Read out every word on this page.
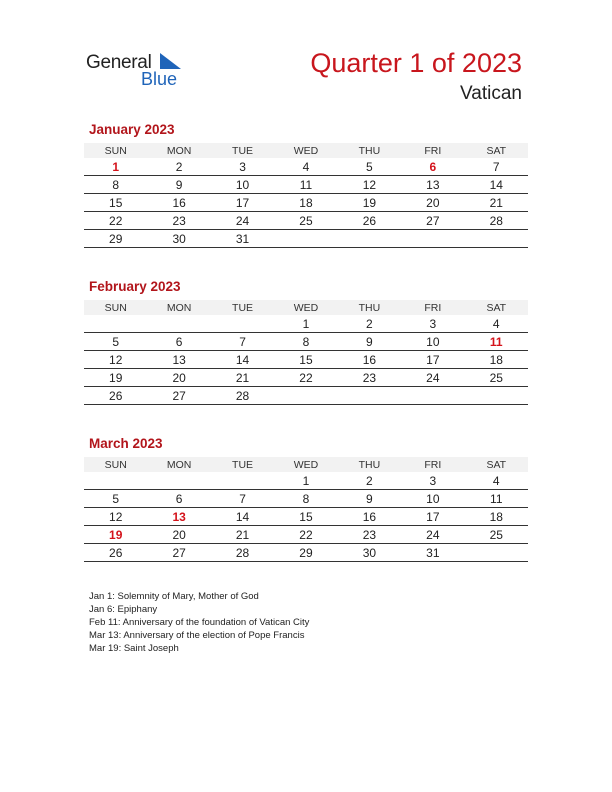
General
Blue
Quarter 1 of 2023
Vatican
January 2023
SUN	MON	TUE	WED	THU	FRI	SAT
1	2	3	4	5	6	7
8	9	10	11	12	13	14
15	16	17	18	19	20	21
22	23	24	25	26	27	28
29	30	31				
February 2023
SUN	MON	TUE	WED	THU	FRI	SAT
			1	2	3	4
5	6	7	8	9	10	11
12	13	14	15	16	17	18
19	20	21	22	23	24	25
26	27	28				
March 2023
SUN	MON	TUE	WED	THU	FRI	SAT
			1	2	3	4
5	6	7	8	9	10	11
12	13	14	15	16	17	18
19	20	21	22	23	24	25
26	27	28	29	30	31	
Jan 1: Solemnity of Mary, Mother of God
Jan 6: Epiphany
Feb 11: Anniversary of the foundation of Vatican City
Mar 13: Anniversary of the election of Pope Francis
Mar 19: Saint Joseph
